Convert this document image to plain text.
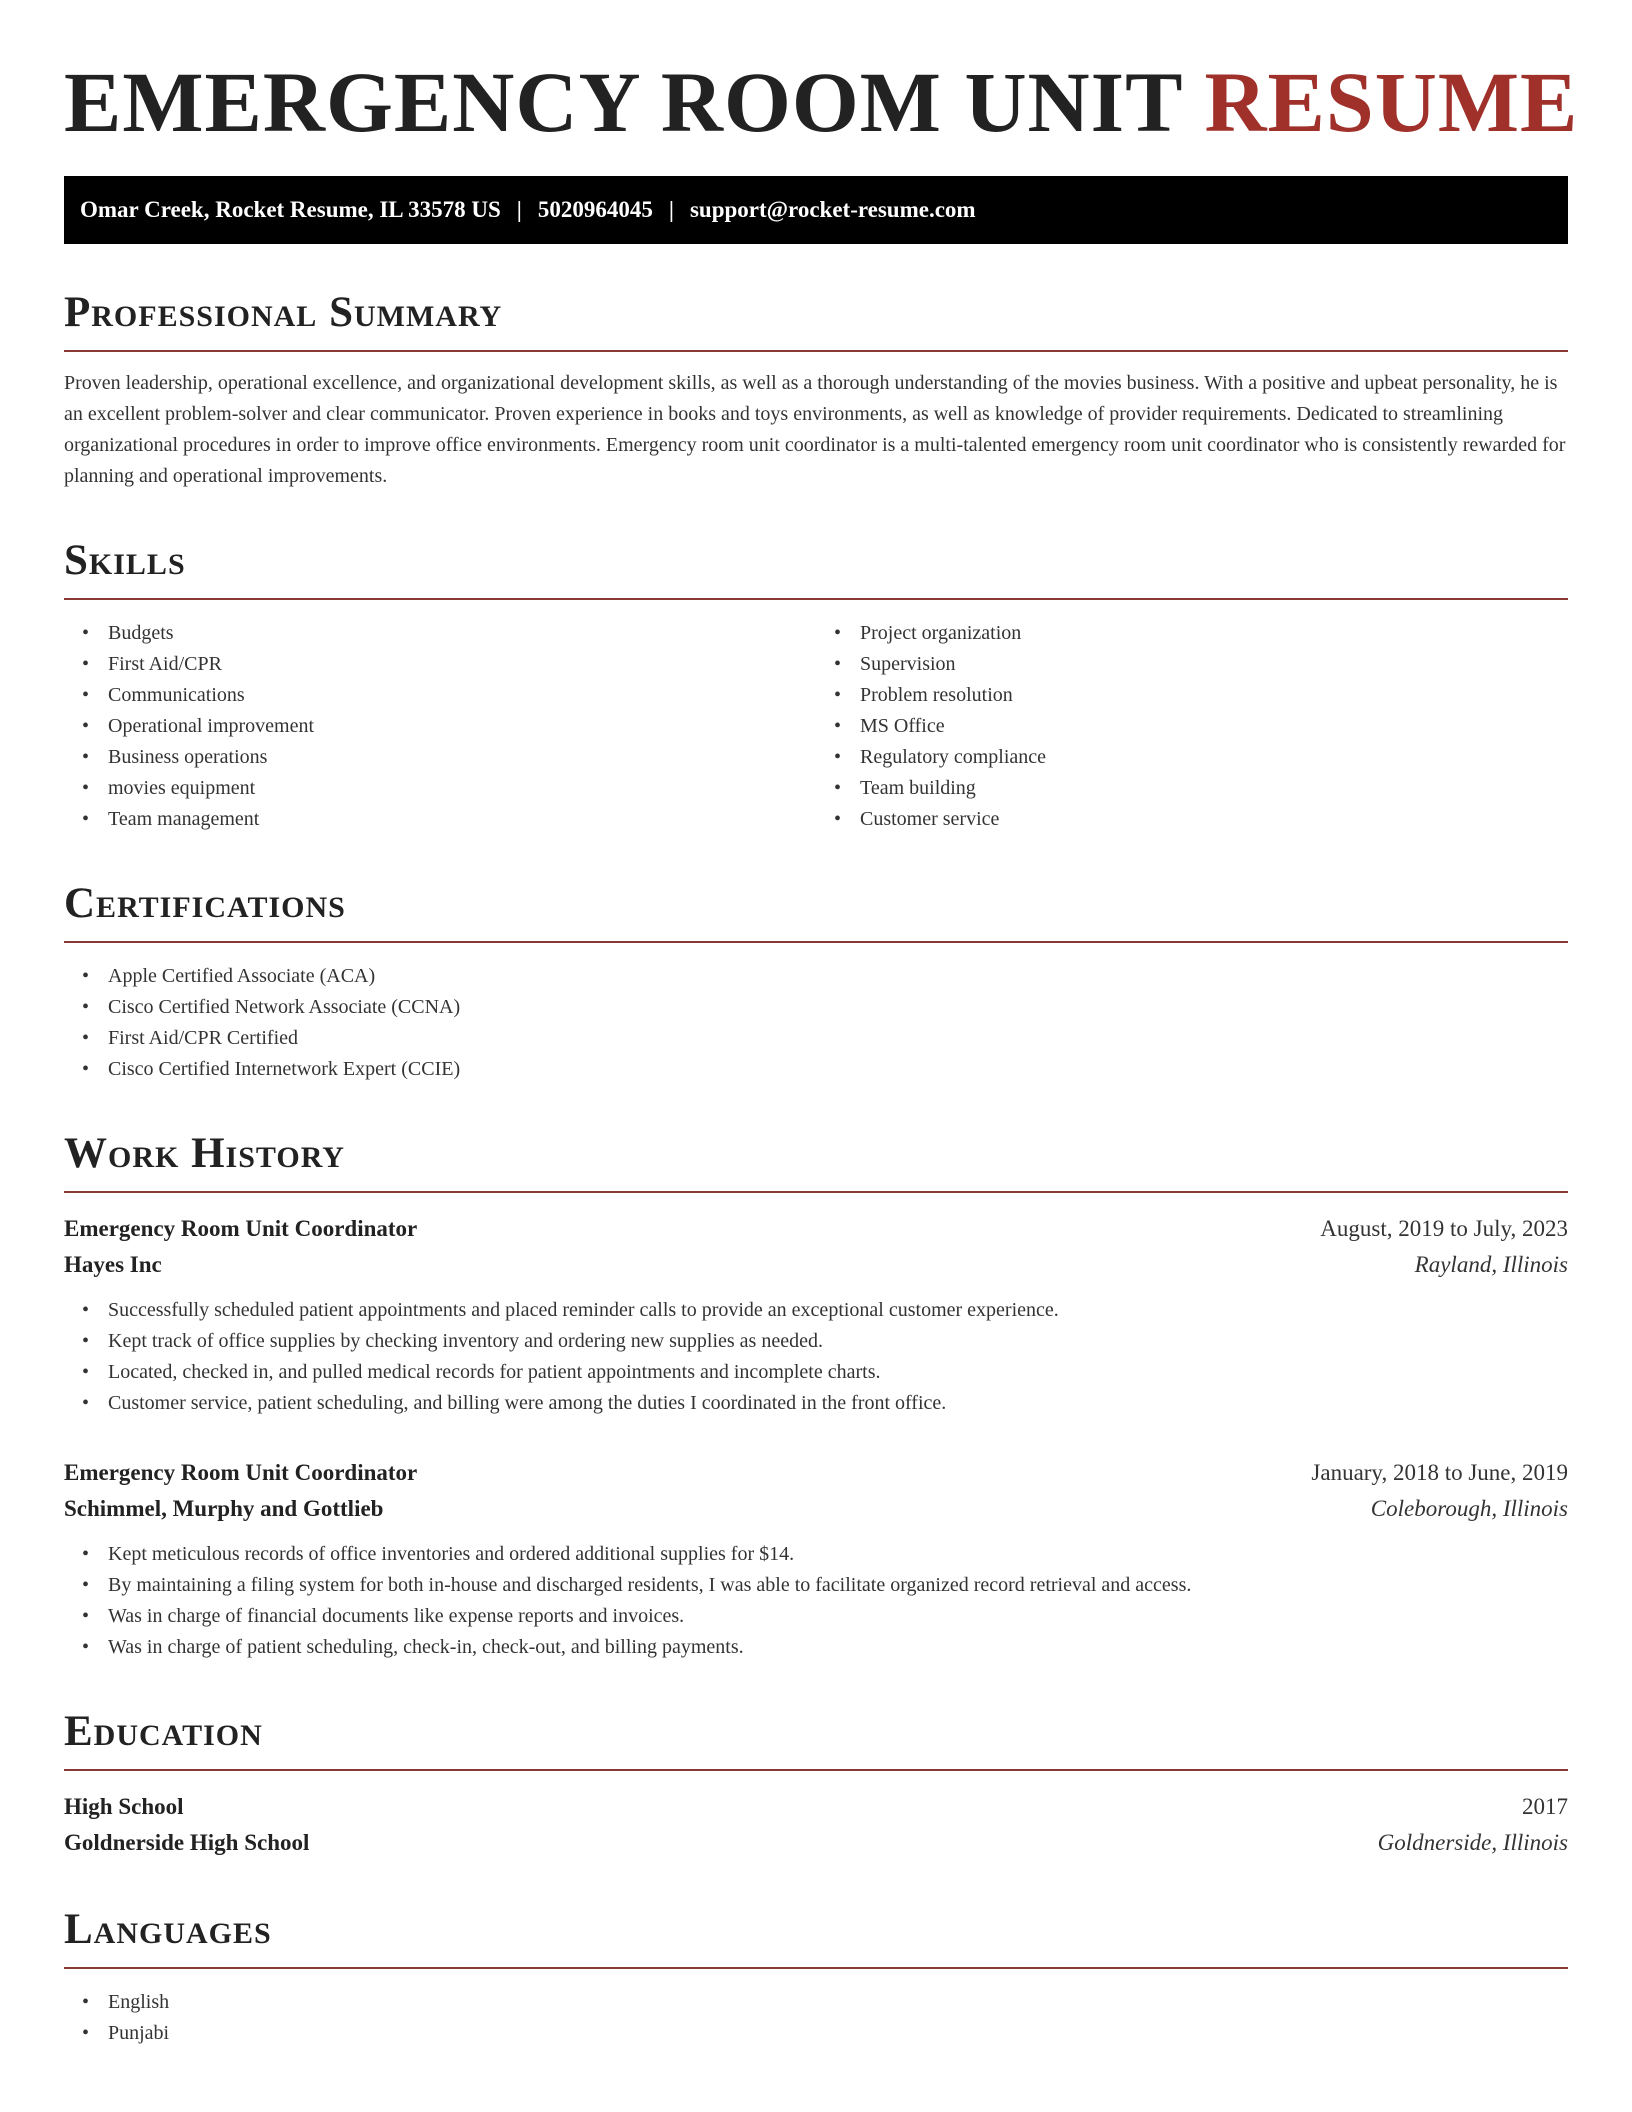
EMERGENCY ROOM UNIT RESUME
Omar Creek, Rocket Resume, IL 33578 US | 5020964045 | support@rocket-resume.com
Professional Summary

Proven leadership, operational excellence, and organizational development skills, as well as a thorough understanding of the movies business. With a positive and upbeat personality, he is an excellent problem-solver and clear communicator. Proven experience in books and toys environments, as well as knowledge of provider requirements. Dedicated to streamlining organizational procedures in order to improve office environments. Emergency room unit coordinator is a multi-talented emergency room unit coordinator who is consistently rewarded for planning and operational improvements.

Skills
• Budgets
• First Aid/CPR
• Communications
• Operational improvement
• Business operations
• movies equipment
• Team management
• Project organization
• Supervision
• Problem resolution
• MS Office
• Regulatory compliance
• Team building
• Customer service
Certifications
• Apple Certified Associate (ACA)
• Cisco Certified Network Associate (CCNA)
• First Aid/CPR Certified
• Cisco Certified Internetwork Expert (CCIE)
Work History
Emergency Room Unit Coordinator	August, 2019 to July, 2023
Hayes Inc	Rayland, Illinois
• Successfully scheduled patient appointments and placed reminder calls to provide an exceptional customer experience.
• Kept track of office supplies by checking inventory and ordering new supplies as needed.
• Located, checked in, and pulled medical records for patient appointments and incomplete charts.
• Customer service, patient scheduling, and billing were among the duties I coordinated in the front office.
Emergency Room Unit Coordinator	January, 2018 to June, 2019
Schimmel, Murphy and Gottlieb	Coleborough, Illinois
• Kept meticulous records of office inventories and ordered additional supplies for $14.
• By maintaining a filing system for both in-house and discharged residents, I was able to facilitate organized record retrieval and access.
• Was in charge of financial documents like expense reports and invoices.
• Was in charge of patient scheduling, check-in, check-out, and billing payments.
Education
High School	2017
Goldnerside High School	Goldnerside, Illinois
Languages
• English
• Punjabi
